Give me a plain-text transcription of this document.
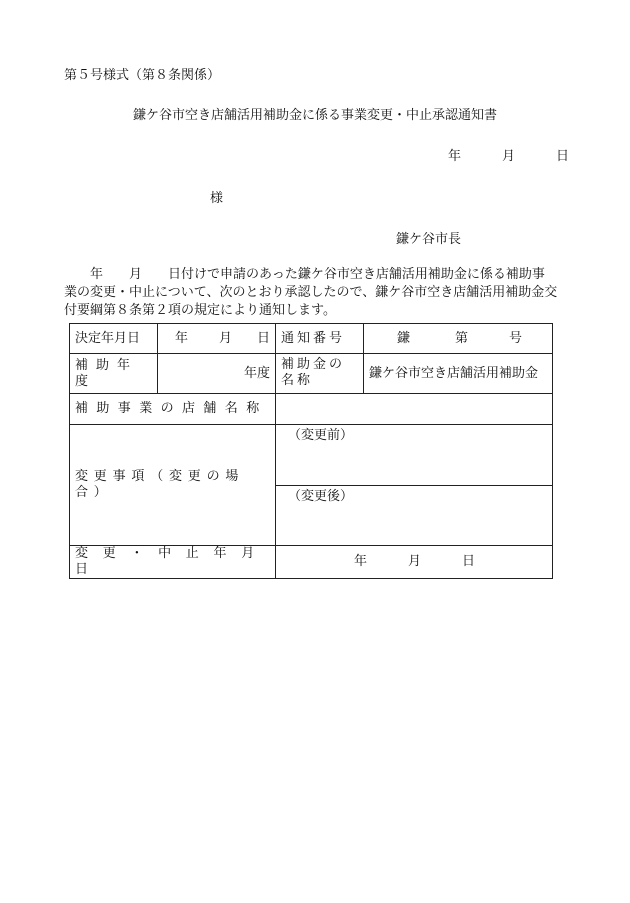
第５号様式（第８条関係）
鎌ケ谷市空き店舗活用補助金に係る事業変更・中止承認通知書
年	月	日
様
鎌ケ谷市長
年　　月　　日付けで申請のあった鎌ケ谷市空き店舗活用補助金に係る補助事
業の変更・中止について、次のとおり承認したので、鎌ケ谷市空き店舗活用補助金交
付要綱第８条第２項の規定により通知します。
決定年月日	年 月 日	通知番号	鎌 第 号

補助年度	年度	補助金の名称	鎌ケ谷市空き店舗活用補助金
補助事業の店舗名称			
変更事項（変更の場合）		（変更前）	
		（変更後）	
変更・中止年月日		年 月 日	
